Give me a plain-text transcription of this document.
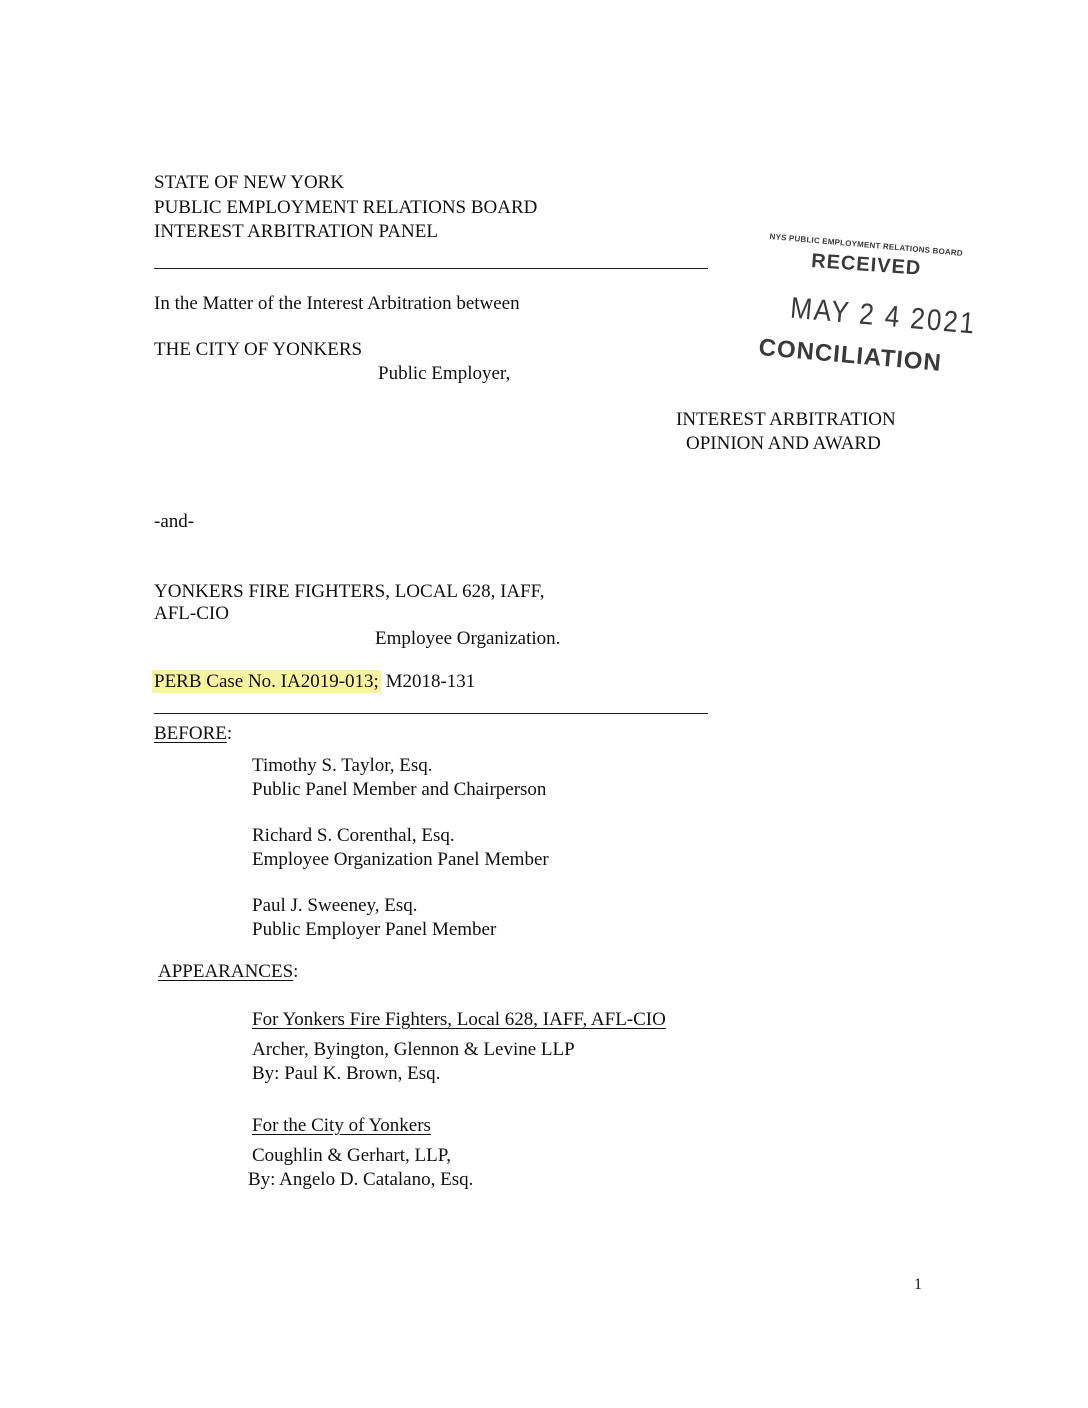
STATE OF NEW YORK
PUBLIC EMPLOYMENT RELATIONS BOARD
INTEREST ARBITRATION PANEL
NYS PUBLIC EMPLOYMENT RELATIONS BOARD
RECEIVED
MAY 2 4 2021
CONCILIATION
In the Matter of the Interest Arbitration between
THE CITY OF YONKERS
Public Employer,
INTEREST ARBITRATION
OPINION AND AWARD
-and-
YONKERS FIRE FIGHTERS, LOCAL 628, IAFF,
AFL-CIO
Employee Organization.
PERB Case No. IA2019-013; M2018-131
BEFORE:
Timothy S. Taylor, Esq.
Public Panel Member and Chairperson
Richard S. Corenthal, Esq.
Employee Organization Panel Member
Paul J. Sweeney, Esq.
Public Employer Panel Member
APPEARANCES:
For Yonkers Fire Fighters, Local 628, IAFF, AFL-CIO
Archer, Byington, Glennon & Levine LLP
By: Paul K. Brown, Esq.
For the City of Yonkers
Coughlin & Gerhart, LLP,
By: Angelo D. Catalano, Esq.
1
